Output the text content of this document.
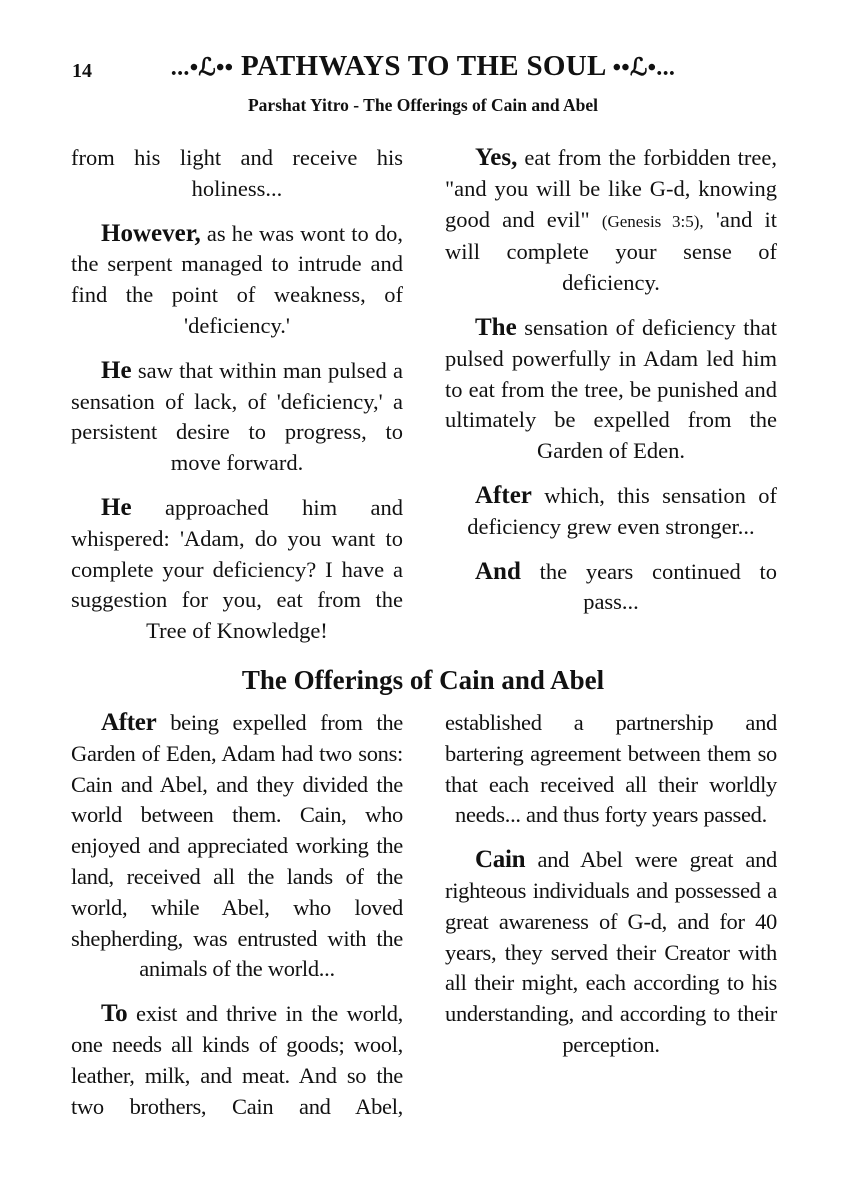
14	...•ℒ•• PATHWAYS TO THE SOUL ••ℒ•...
Parshat Yitro - The Offerings of Cain and Abel

from his light and receive his holiness...

However, as he was wont to do, the serpent managed to intrude and find the point of weakness, of 'deficiency.'

He saw that within man pulsed a sensation of lack, of 'deficiency,' a persistent desire to progress, to move forward.

He approached him and whispered: 'Adam, do you want to complete your deficiency? I have a suggestion for you, eat from the Tree of Knowledge!

Yes, eat from the forbidden tree, "and you will be like G-d, knowing good and evil" (Genesis 3:5), 'and it will complete your sense of deficiency.

The sensation of deficiency that pulsed powerfully in Adam led him to eat from the tree, be punished and ultimately be expelled from the Garden of Eden.

After which, this sensation of deficiency grew even stronger...

And the years continued to pass...

The Offerings of Cain and Abel

After being expelled from the Garden of Eden, Adam had two sons: Cain and Abel, and they divided the world between them. Cain, who enjoyed and appreciated working the land, received all the lands of the world, while Abel, who loved shepherding, was entrusted with the animals of the world...

To exist and thrive in the world, one needs all kinds of goods; wool, leather, milk, and meat. And so the two brothers, Cain and Abel,

established a partnership and bartering agreement between them so that each received all their worldly needs... and thus forty years passed.

Cain and Abel were great and righteous individuals and possessed a great awareness of G-d, and for 40 years, they served their Creator with all their might, each according to his understanding, and according to their perception.
